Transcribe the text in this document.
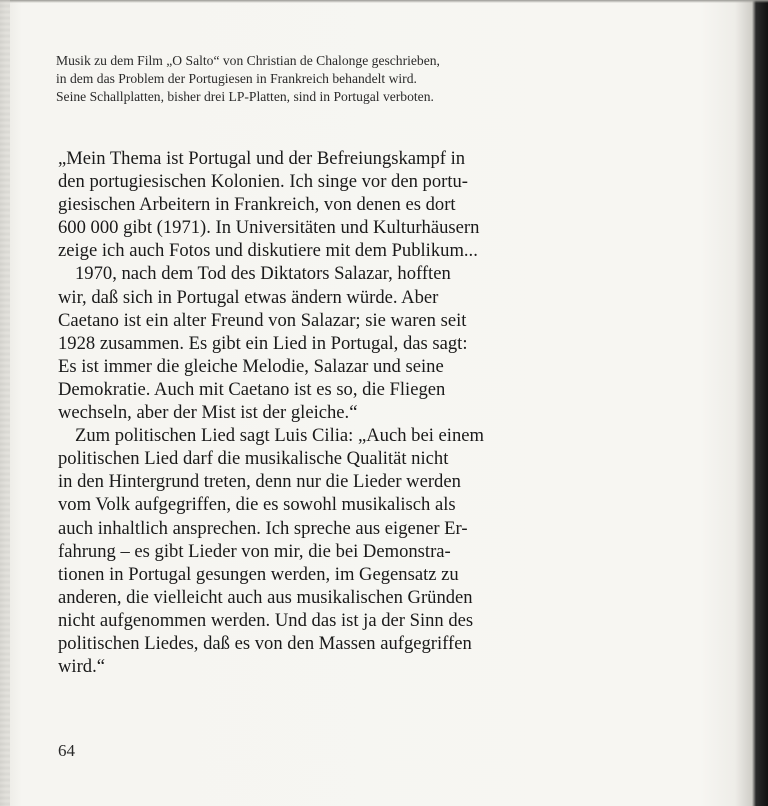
Musik zu dem Film „O Salto“ von Christian de Chalonge geschrieben,
in dem das Problem der Portugiesen in Frankreich behandelt wird.
Seine Schallplatten, bisher drei LP-Platten, sind in Portugal verboten.
„Mein Thema ist Portugal und der Befreiungskampf in
den portugiesischen Kolonien. Ich singe vor den portu-
giesischen Arbeitern in Frankreich, von denen es dort
600 000 gibt (1971). In Universitäten und Kulturhäusern
zeige ich auch Fotos und diskutiere mit dem Publikum...
1970, nach dem Tod des Diktators Salazar, hofften
wir, daß sich in Portugal etwas ändern würde. Aber
Caetano ist ein alter Freund von Salazar; sie waren seit
1928 zusammen. Es gibt ein Lied in Portugal, das sagt:
Es ist immer die gleiche Melodie, Salazar und seine
Demokratie. Auch mit Caetano ist es so, die Fliegen
wechseln, aber der Mist ist der gleiche.“
Zum politischen Lied sagt Luis Cilia: „Auch bei einem
politischen Lied darf die musikalische Qualität nicht
in den Hintergrund treten, denn nur die Lieder werden
vom Volk aufgegriffen, die es sowohl musikalisch als
auch inhaltlich ansprechen. Ich spreche aus eigener Er-
fahrung – es gibt Lieder von mir, die bei Demonstra-
tionen in Portugal gesungen werden, im Gegensatz zu
anderen, die vielleicht auch aus musikalischen Gründen
nicht aufgenommen werden. Und das ist ja der Sinn des
politischen Liedes, daß es von den Massen aufgegriffen
wird.“
64
